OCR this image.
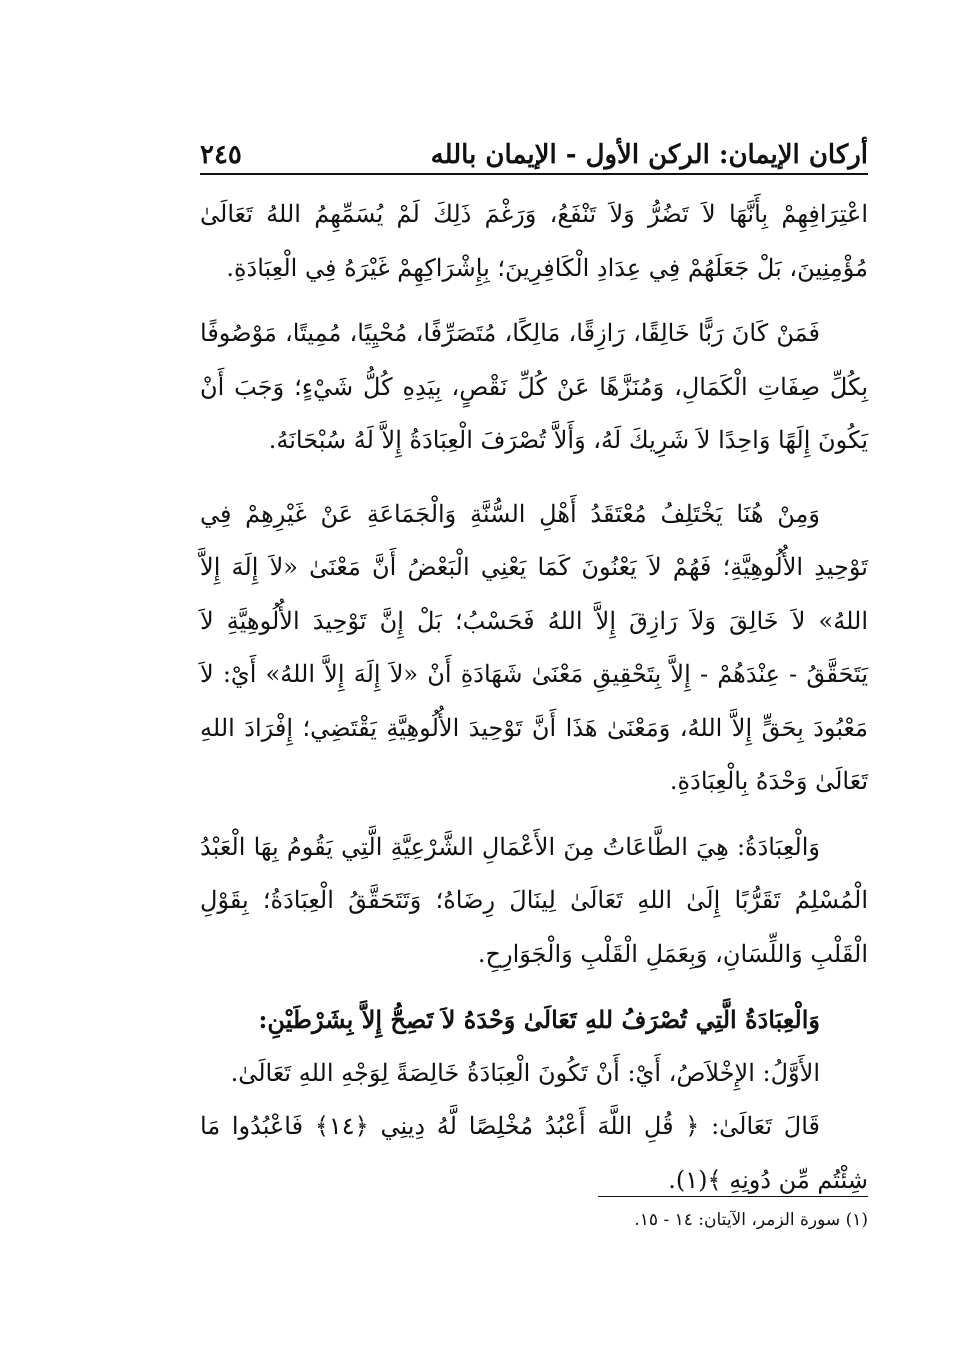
أركان الإيمان: الركن الأول - الإيمان بالله
٢٤٥

اعْتِرَافِهِمْ بِأَنَّهَا لاَ تَضُرُّ وَلاَ تَنْفَعُ، وَرَغْمَ ذَلِكَ لَمْ يُسَمِّهِمُ اللهُ تَعَالَىٰ مُؤْمِنِينَ، بَلْ جَعَلَهُمْ فِي عِدَادِ الْكَافِرِينَ؛ بِإِشْرَاكِهِمْ غَيْرَهُ فِي الْعِبَادَةِ.

فَمَنْ كَانَ رَبًّا خَالِقًا، رَازِقًا، مَالِكًا، مُتَصَرِّفًا، مُحْيِيًا، مُمِيتًا، مَوْصُوفًا بِكُلِّ صِفَاتِ الْكَمَالِ، وَمُنَزَّهًا عَنْ كُلِّ نَقْصٍ، بِيَدِهِ كُلُّ شَيْءٍ؛ وَجَبَ أَنْ يَكُونَ إِلَهًا وَاحِدًا لاَ شَرِيكَ لَهُ، وَأَلاَّ تُصْرَفَ الْعِبَادَةُ إِلاَّ لَهُ سُبْحَانَهُ.

وَمِنْ هُنَا يَخْتَلِفُ مُعْتَقَدُ أَهْلِ السُّنَّةِ وَالْجَمَاعَةِ عَنْ غَيْرِهِمْ فِي تَوْحِيدِ الأُلُوهِيَّةِ؛ فَهُمْ لاَ يَعْنُونَ كَمَا يَعْنِي الْبَعْضُ أَنَّ مَعْنَىٰ «لاَ إِلَهَ إِلاَّ اللهُ» لاَ خَالِقَ وَلاَ رَازِقَ إِلاَّ اللهُ فَحَسْبُ؛ بَلْ إِنَّ تَوْحِيدَ الأُلُوهِيَّةِ لاَ يَتَحَقَّقُ - عِنْدَهُمْ - إِلاَّ بِتَحْقِيقِ مَعْنَىٰ شَهَادَةِ أَنْ «لاَ إِلَهَ إِلاَّ اللهُ» أَيْ: لاَ مَعْبُودَ بِحَقٍّ إِلاَّ اللهُ، وَمَعْنَىٰ هَذَا أَنَّ تَوْحِيدَ الأُلُوهِيَّةِ يَقْتَضِي؛ إِفْرَادَ اللهِ تَعَالَىٰ وَحْدَهُ بِالْعِبَادَةِ.

وَالْعِبَادَةُ: هِيَ الطَّاعَاتُ مِنَ الأَعْمَالِ الشَّرْعِيَّةِ الَّتِي يَقُومُ بِهَا الْعَبْدُ الْمُسْلِمُ تَقَرُّبًا إِلَىٰ اللهِ تَعَالَىٰ لِينَالَ رِضَاهُ؛ وَتَتَحَقَّقُ الْعِبَادَةُ؛ بِقَوْلِ الْقَلْبِ وَاللِّسَانِ، وَبِعَمَلِ الْقَلْبِ وَالْجَوَارِحِ.

وَالْعِبَادَةُ الَّتِي تُصْرَفُ للهِ تَعَالَىٰ وَحْدَهُ لاَ تَصِحُّ إِلاَّ بِشَرْطَيْنِ:

الأَوَّلُ: الإِخْلاَصُ، أَيْ: أَنْ تَكُونَ الْعِبَادَةُ خَالِصَةً لِوَجْهِ اللهِ تَعَالَىٰ.

قَالَ تَعَالَىٰ: ﴿ قُلِ اللَّهَ أَعْبُدُ مُخْلِصًا لَّهُ دِينِي ﴿١٤﴾ فَاعْبُدُوا مَا شِئْتُم مِّن دُونِهِ ﴾(١).

(١) سورة الزمر، الآيتان: ١٤ - ١٥.
